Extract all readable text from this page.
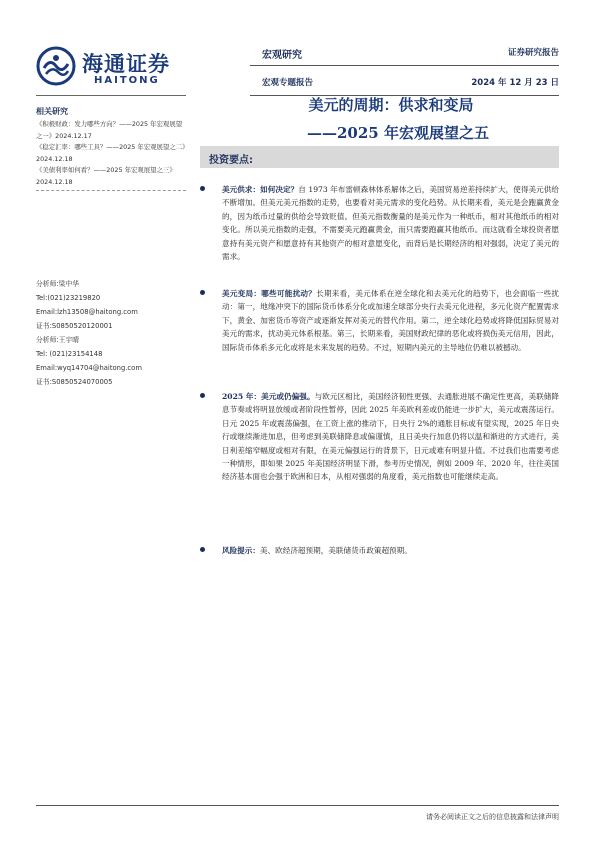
海通证券
HAITONG
宏观研究	证券研究报告
宏观专题报告	2024 年 12 月 23 日
相关研究

《积极财政：发力哪些方向？——2025 年宏观展望之一》2024.12.17

《稳定汇率：哪些工具？——2025 年宏观展望之二》2024.12.18

《美债利率如何看？——2025 年宏观展望之三》2024.12.18

分析师:梁中华
Tel:(021)23219820
Email:lzh13508@haitong.com
证书:S0850520120001
分析师:王宇晴
Tel: (021)23154148
Email:wyq14704@haitong.com
证书:S0850524070005
美元的周期：供求和变局
——2025 年宏观展望之五
投资要点:
美元供求：如何决定？自 1973 年布雷顿森林体系解体之后，美国贸易逆差持续扩大，使得美元供给不断增加。但美元美元指数的走势，也要看对美元需求的变化趋势。从长期来看，美元是会跑赢黄金的，因为纸币过量的供给会导致贬值。但美元指数衡量的是美元作为一种纸币，相对其他纸币的相对变化。所以美元指数的走强，不需要美元跑赢黄金，而只需要跑赢其他纸币。而这就看全球投资者愿意持有美元资产和愿意持有其他资产的相对意愿变化，而背后是长期经济的相对强弱，决定了美元的需求。
美元变局：哪些可能扰动？长期来看，美元体系在逆全球化和去美元化的趋势下，也会面临一些扰动：第一，地缘冲突下的国际货币体系分化或加速全球部分央行去美元化进程，多元化资产配置需求下，黄金、加密货币等资产或逐渐发挥对美元的替代作用。第二，逆全球化趋势或将降低国际贸易对美元的需求，扰动美元体系根基。第三，长期来看，美国财政纪律的恶化或将损伤美元信用，因此，国际货币体系多元化或将是未来发展的趋势。不过，短期内美元的主导地位仍难以被撼动。
2025 年：美元或仍偏强。与欧元区相比，美国经济韧性更强、去通胀进展不确定性更高，美联储降息节奏或将明显放缓或者阶段性暂停，因此 2025 年美欧利差或仍能进一步扩大，美元或震荡运行。日元 2025 年或震荡偏强，在工资上涨的推动下，日央行 2%的通胀目标或有望实现，2025 年日央行或继续渐进加息，但考虑到美联储降息或偏谨慎，且日美央行加息仍将以温和渐进的方式进行，美日利差缩窄幅度或相对有限，在美元偏强运行的背景下，日元或难有明显升值。不过我们也需要考虑一种情形，即如果 2025 年美国经济明显下滑，参考历史情况，例如 2009 年、2020 年，往往美国经济基本面也会强于欧洲和日本，从相对强弱的角度看，美元指数也可能继续走高。
风险提示：美、欧经济超预期，美联储货币政策超预期。
请务必阅读正文之后的信息披露和法律声明
